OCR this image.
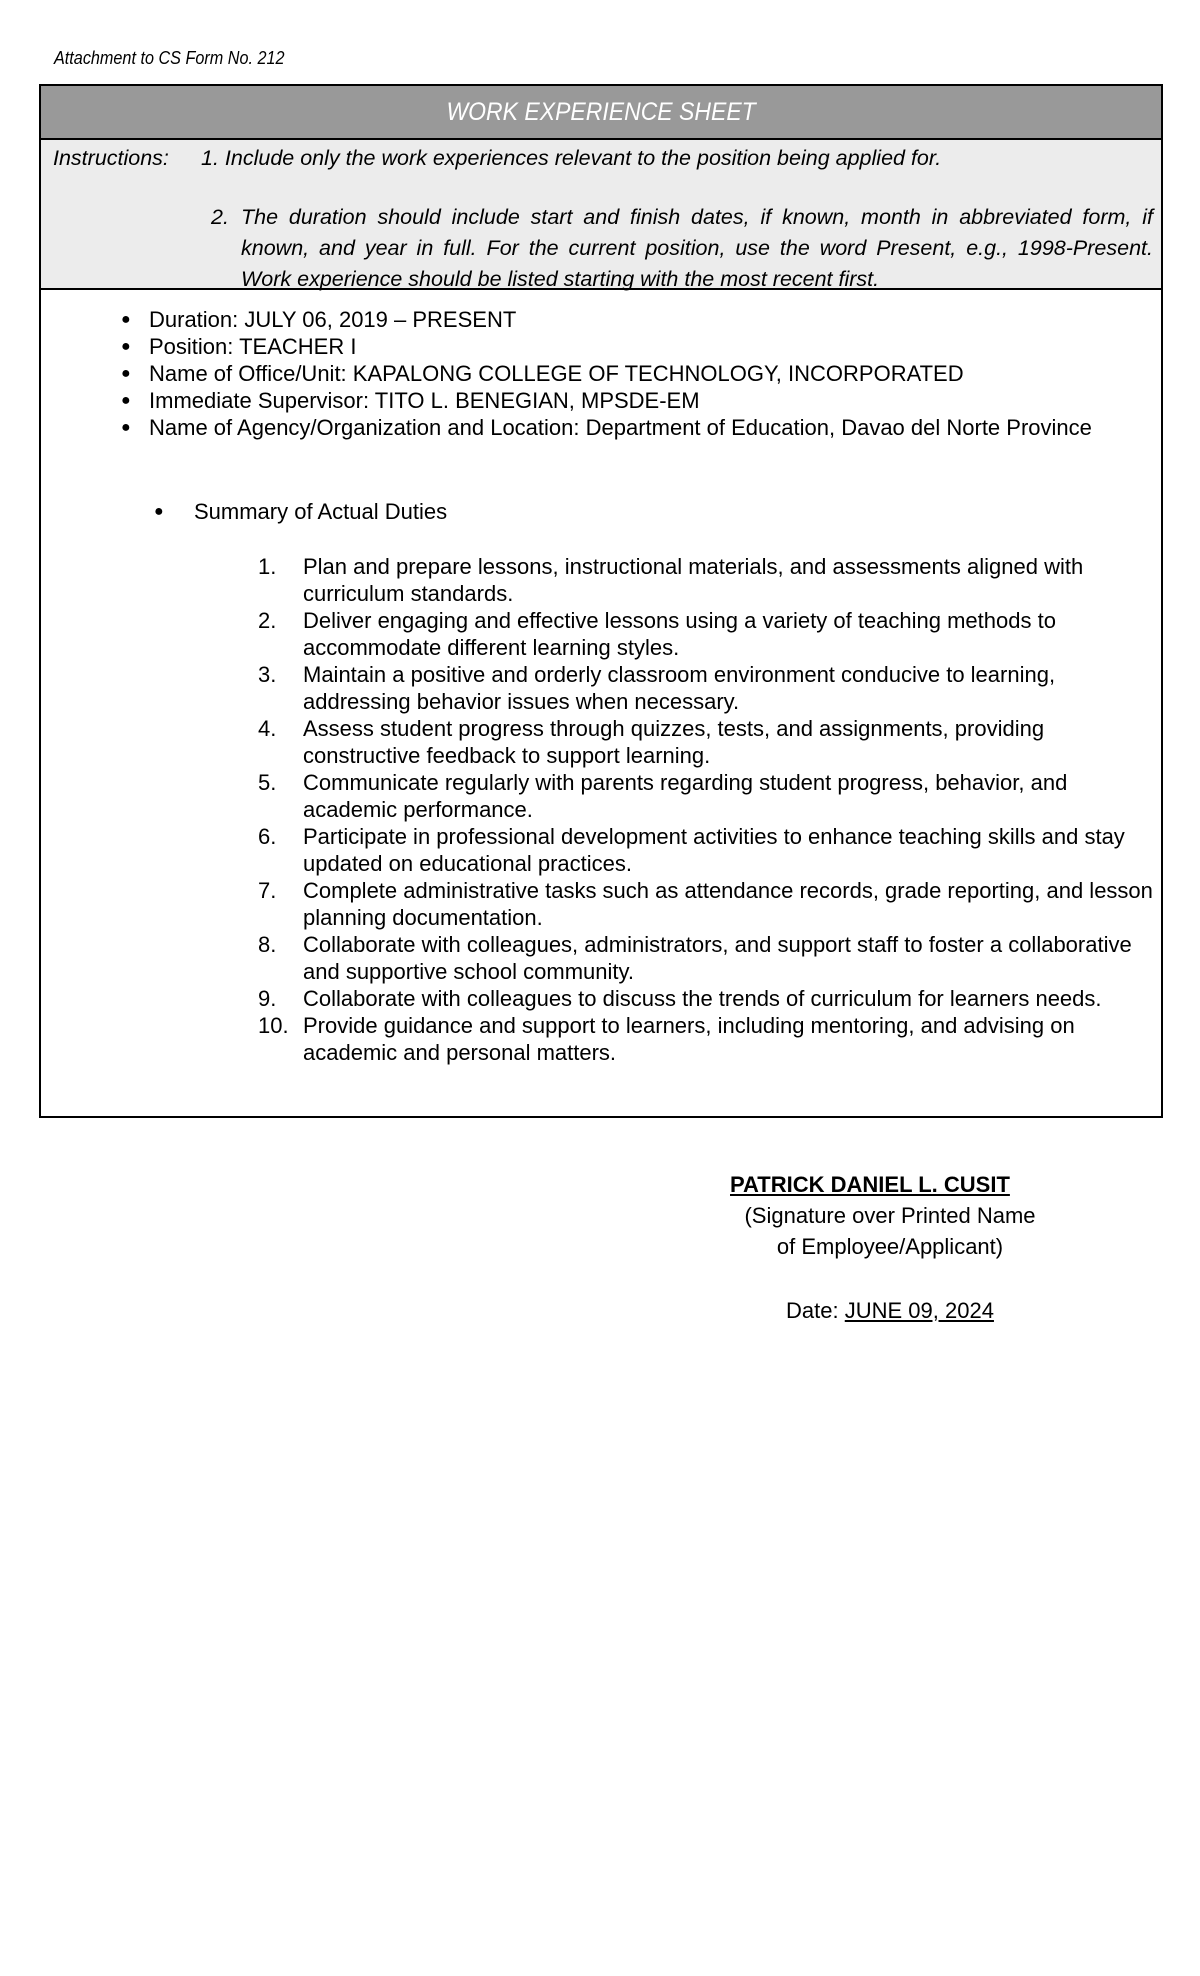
Attachment to CS Form No. 212
WORK EXPERIENCE SHEET
Instructions: 1. Include only the work experiences relevant to the position being applied for.
2. The duration should include start and finish dates, if known, month in abbreviated form, if known, and year in full. For the current position, use the word Present, e.g., 1998-Present. Work experience should be listed starting with the most recent first.
● Duration: JULY 06, 2019 – PRESENT
● Position: TEACHER I
● Name of Office/Unit: KAPALONG COLLEGE OF TECHNOLOGY, INCORPORATED
● Immediate Supervisor: TITO L. BENEGIAN, MPSDE-EM
● Name of Agency/Organization and Location: Department of Education, Davao del Norte Province
● Summary of Actual Duties
1. Plan and prepare lessons, instructional materials, and assessments aligned with curriculum standards.
2. Deliver engaging and effective lessons using a variety of teaching methods to accommodate different learning styles.
3. Maintain a positive and orderly classroom environment conducive to learning, addressing behavior issues when necessary.
4. Assess student progress through quizzes, tests, and assignments, providing constructive feedback to support learning.
5. Communicate regularly with parents regarding student progress, behavior, and academic performance.
6. Participate in professional development activities to enhance teaching skills and stay updated on educational practices.
7. Complete administrative tasks such as attendance records, grade reporting, and lesson planning documentation.
8. Collaborate with colleagues, administrators, and support staff to foster a collaborative and supportive school community.
9. Collaborate with colleagues to discuss the trends of curriculum for learners needs.
10. Provide guidance and support to learners, including mentoring, and advising on academic and personal matters.
PATRICK DANIEL L. CUSIT
(Signature over Printed Name
of Employee/Applicant)
Date: JUNE 09, 2024
